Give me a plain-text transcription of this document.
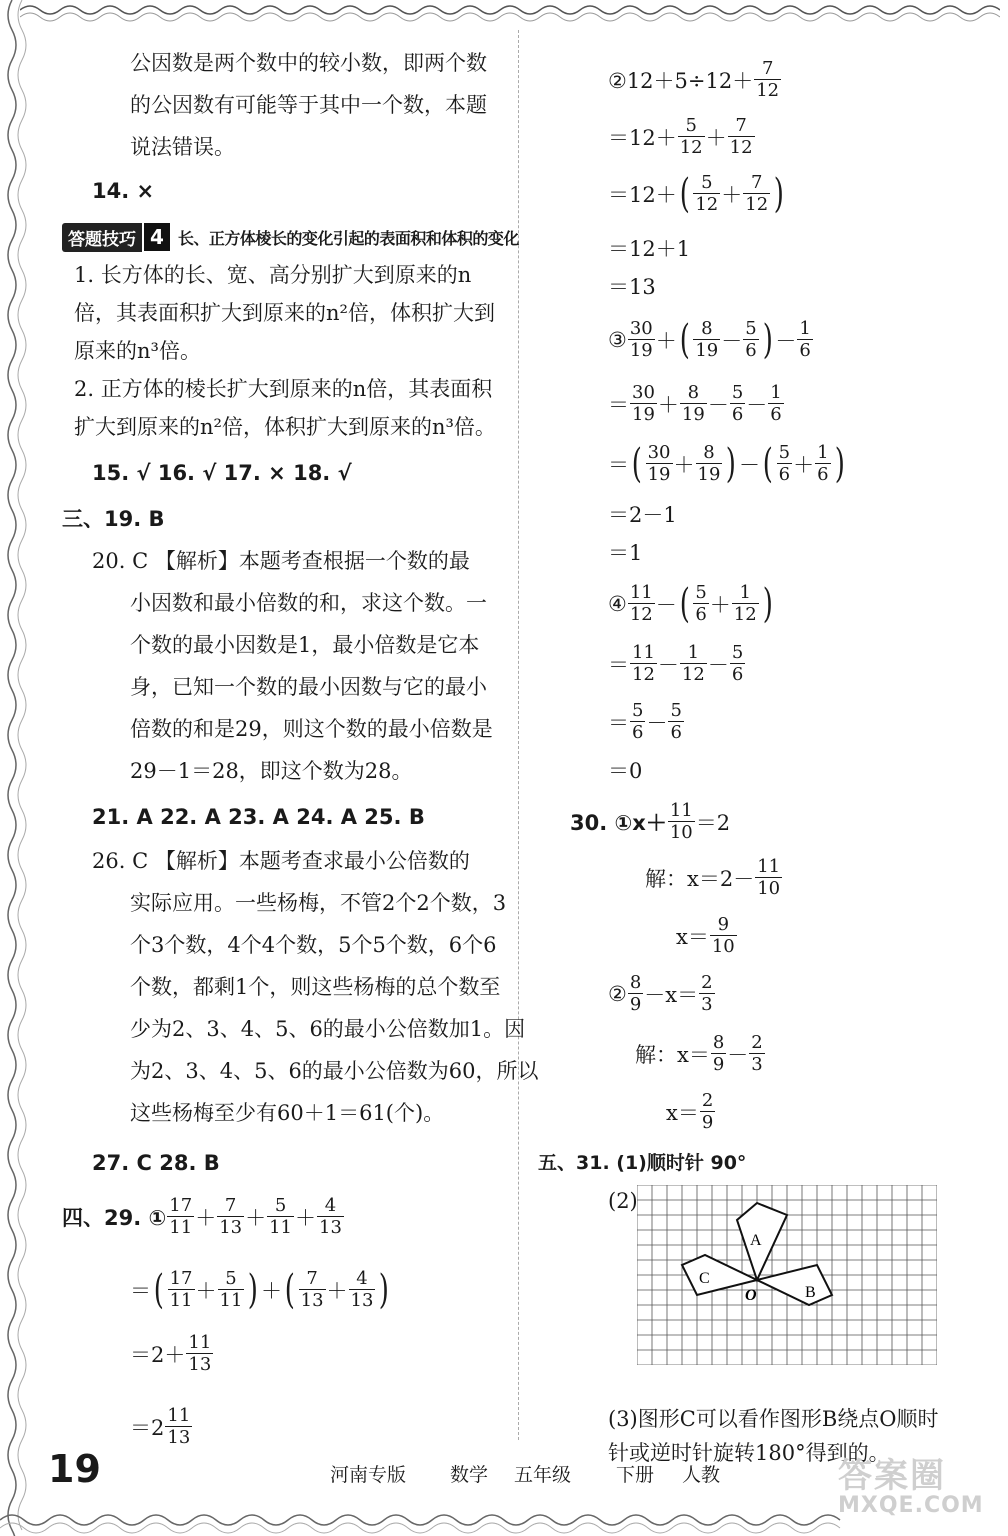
公因数是两个数中的较小数，即两个数
的公因数有可能等于其中一个数，本题
说法错误。
14. ×
答题技巧 4 长、正方体棱长的变化引起的表面积和体积的变化
1. 长方体的长、宽、高分别扩大到原来的n
倍，其表面积扩大到原来的n²倍，体积扩大到
原来的n³倍。
2. 正方体的棱长扩大到原来的n倍，其表面积
扩大到原来的n²倍，体积扩大到原来的n³倍。
15. √ 16. √ 17. × 18. √
三、19. B
20. C 【解析】本题考查根据一个数的最
小因数和最小倍数的和，求这个数。一
个数的最小因数是1，最小倍数是它本
身，已知一个数的最小因数与它的最小
倍数的和是29，则这个数的最小倍数是
29－1＝28，即这个数为28。
21. A 22. A 23. A 24. A 25. B
26. C 【解析】本题考查求最小公倍数的
实际应用。一些杨梅，不管2个2个数，3
个3个数，4个4个数，5个5个数，6个6
个数，都剩1个，则这些杨梅的总个数至
少为2、3、4、5、6的最小公倍数加1。因
为2、3、4、5、6的最小公倍数为60，所以
这些杨梅至少有60＋1＝61(个)。
27. C 28. B
四、29. ① $\frac{17}{11} + \frac{7}{13} + \frac{5}{11} + \frac{4}{13}$
＝ ( $\frac{17}{11} + \frac{5}{11}$ ) ＋ ( $\frac{7}{13} + \frac{4}{13}$ )
$=2+ \frac{11}{13}$
$=2 \frac{11}{13}$
②12＋5÷12＋ $\frac{7}{12}$
$=12+ \frac{5}{12} + \frac{7}{12}$
＝12＋ ( $\frac{5}{12} + \frac{7}{12}$ )
＝12＋1
＝13
③ $\frac{30}{19}$ ＋ ( $\frac{8}{19} - \frac{5}{6}$ ) － $\frac{1}{6}$
＝ $\frac{30}{19} + \frac{8}{19} - \frac{5}{6} - \frac{1}{6}$
＝ ( $\frac{30}{19} + \frac{8}{19}$ ) － ( $\frac{5}{6} + \frac{1}{6}$ )
＝2－1
＝1
④ $\frac{11}{12}$ － ( $\frac{5}{6} + \frac{1}{12}$ )
＝ $\frac{11}{12} - \frac{1}{12} - \frac{5}{6}$
＝ $\frac{5}{6} - \frac{5}{6}$
＝0
30. ①x＋ $\frac{11}{10} =2$
解：$x=2- \frac{11}{10}$
$x= \frac{9}{10}$
② $\frac{8}{9} -x= \frac{2}{3}$
解：$x= \frac{8}{9} - \frac{2}{3}$
$x= \frac{2}{9}$
五、31. (1)顺时针 90°
(2)
A
B
C
O
(3)图形C可以看作图形B绕点O顺时
针或逆时针旋转180°得到的。
19	河南专版 数学 五年级 下册 人教	答案圈
MXQE.COM
